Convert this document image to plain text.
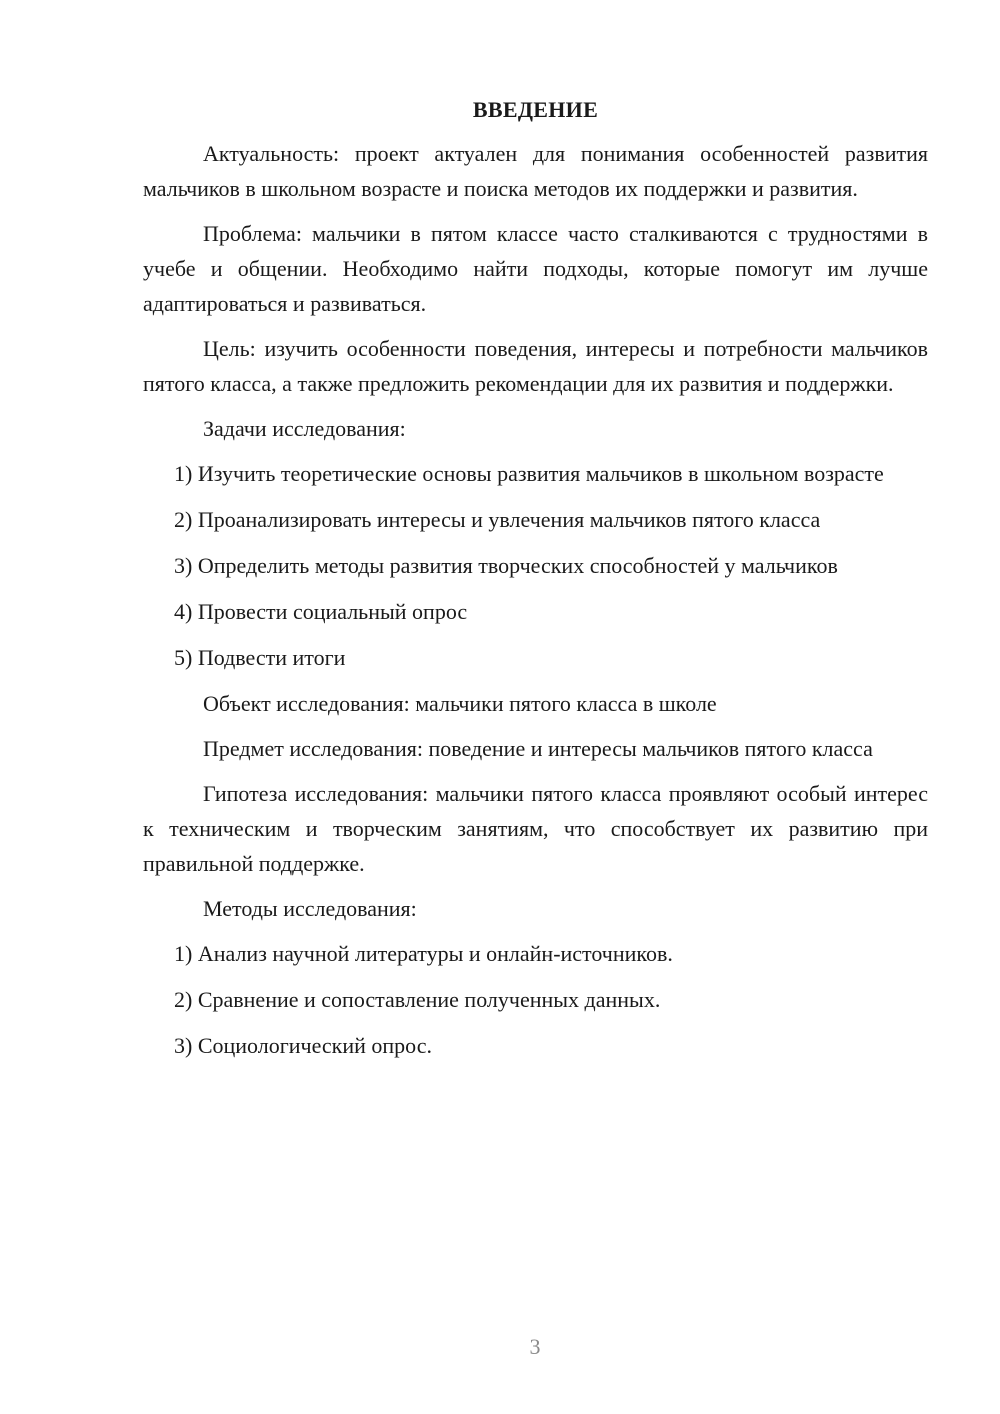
ВВЕДЕНИЕ

Актуальность: проект актуален для понимания особенностей развития мальчиков в школьном возрасте и поиска методов их поддержки и развития.

Проблема: мальчики в пятом классе часто сталкиваются с трудностями в учебе и общении. Необходимо найти подходы, которые помогут им лучше адаптироваться и развиваться.

Цель: изучить особенности поведения, интересы и потребности мальчиков пятого класса, а также предложить рекомендации для их развития и поддержки.

Задачи исследования:

1) Изучить теоретические основы развития мальчиков в школьном возрасте

2) Проанализировать интересы и увлечения мальчиков пятого класса

3) Определить методы развития творческих способностей у мальчиков

4) Провести социальный опрос

5) Подвести итоги

Объект исследования: мальчики пятого класса в школе

Предмет исследования: поведение и интересы мальчиков пятого класса

Гипотеза исследования: мальчики пятого класса проявляют особый интерес к техническим и творческим занятиям, что способствует их развитию при правильной поддержке.

Методы исследования:

1) Анализ научной литературы и онлайн-источников.

2) Сравнение и сопоставление полученных данных.

3) Социологический опрос.

3
